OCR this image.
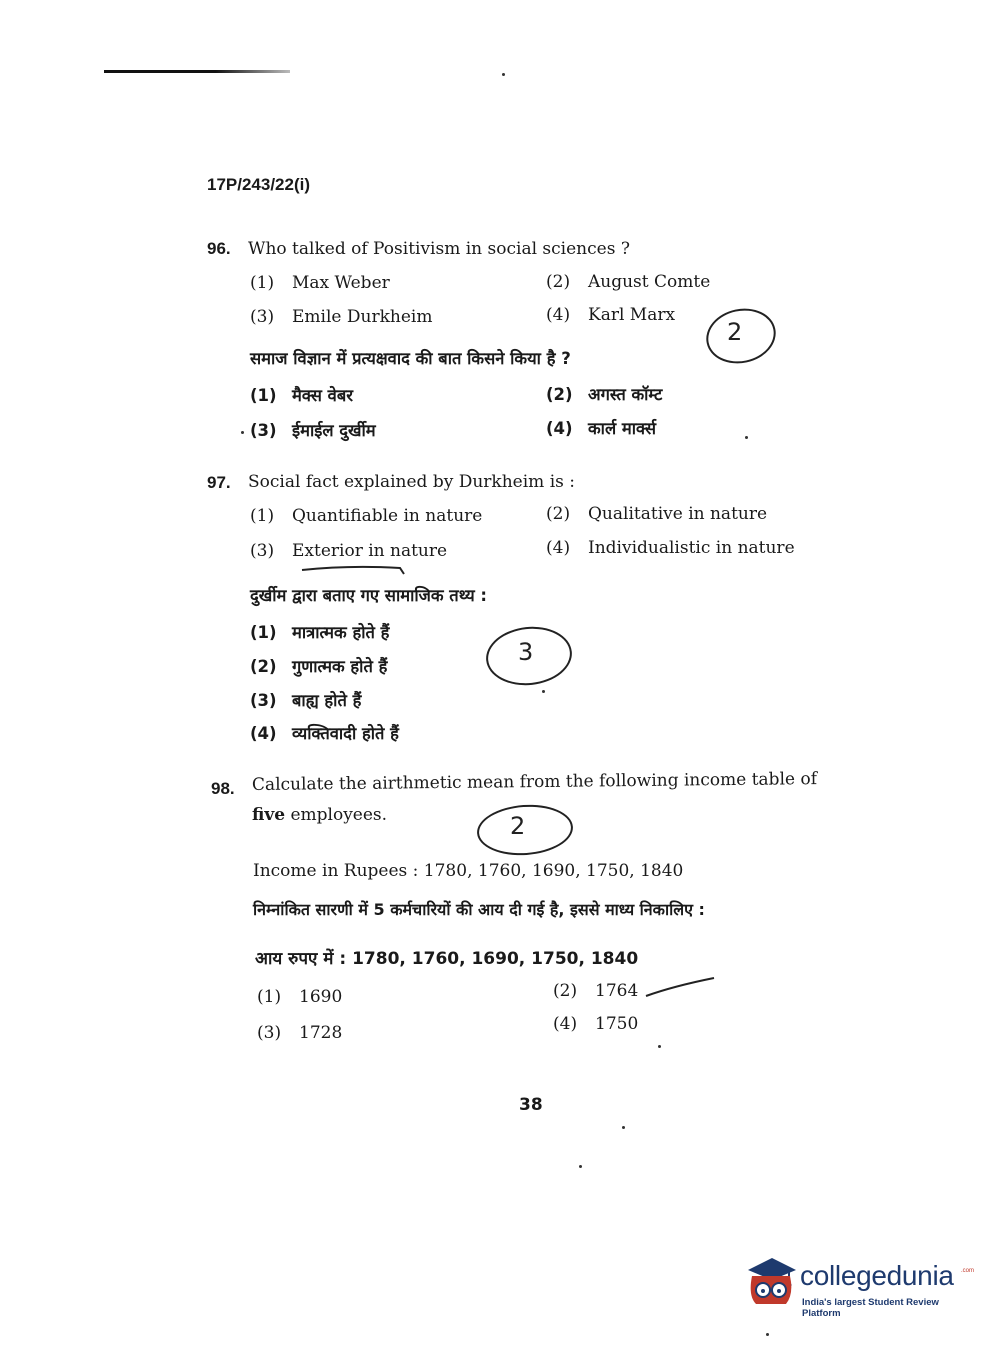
17P/243/22(i)
96. Who talked of Positivism in social sciences ?
(1) Max Weber	(2) August Comte
(3) Emile Durkheim	(4) Karl Marx
समाज विज्ञान में प्रत्यक्षवाद की बात किसने किया है ?
(1) मैक्स वेबर	(2) अगस्त कॉम्ट
(3) ईमाईल दुर्खीम	(4) कार्ल मार्क्स
2
97. Social fact explained by Durkheim is :
(1) Quantifiable in nature	(2) Qualitative in nature
(3) Exterior in nature	(4) Individualistic in nature
दुर्खीम द्वारा बताए गए सामाजिक तथ्य :
(1) मात्रात्मक होते हैं
(2) गुणात्मक होते हैं
(3) बाह्य होते हैं
(4) व्यक्तिवादी होते हैं
3
98. Calculate the airthmetic mean from the following income table of
five employees.	2
Income in Rupees : 1780, 1760, 1690, 1750, 1840
निम्नांकित सारणी में 5 कर्मचारियों की आय दी गई है, इससे माध्य निकालिए :
आय रुपए में : 1780, 1760, 1690, 1750, 1840
(1) 1690	(2) 1764
(3) 1728	(4) 1750
38
collegedunia .com
India's largest Student Review Platform
